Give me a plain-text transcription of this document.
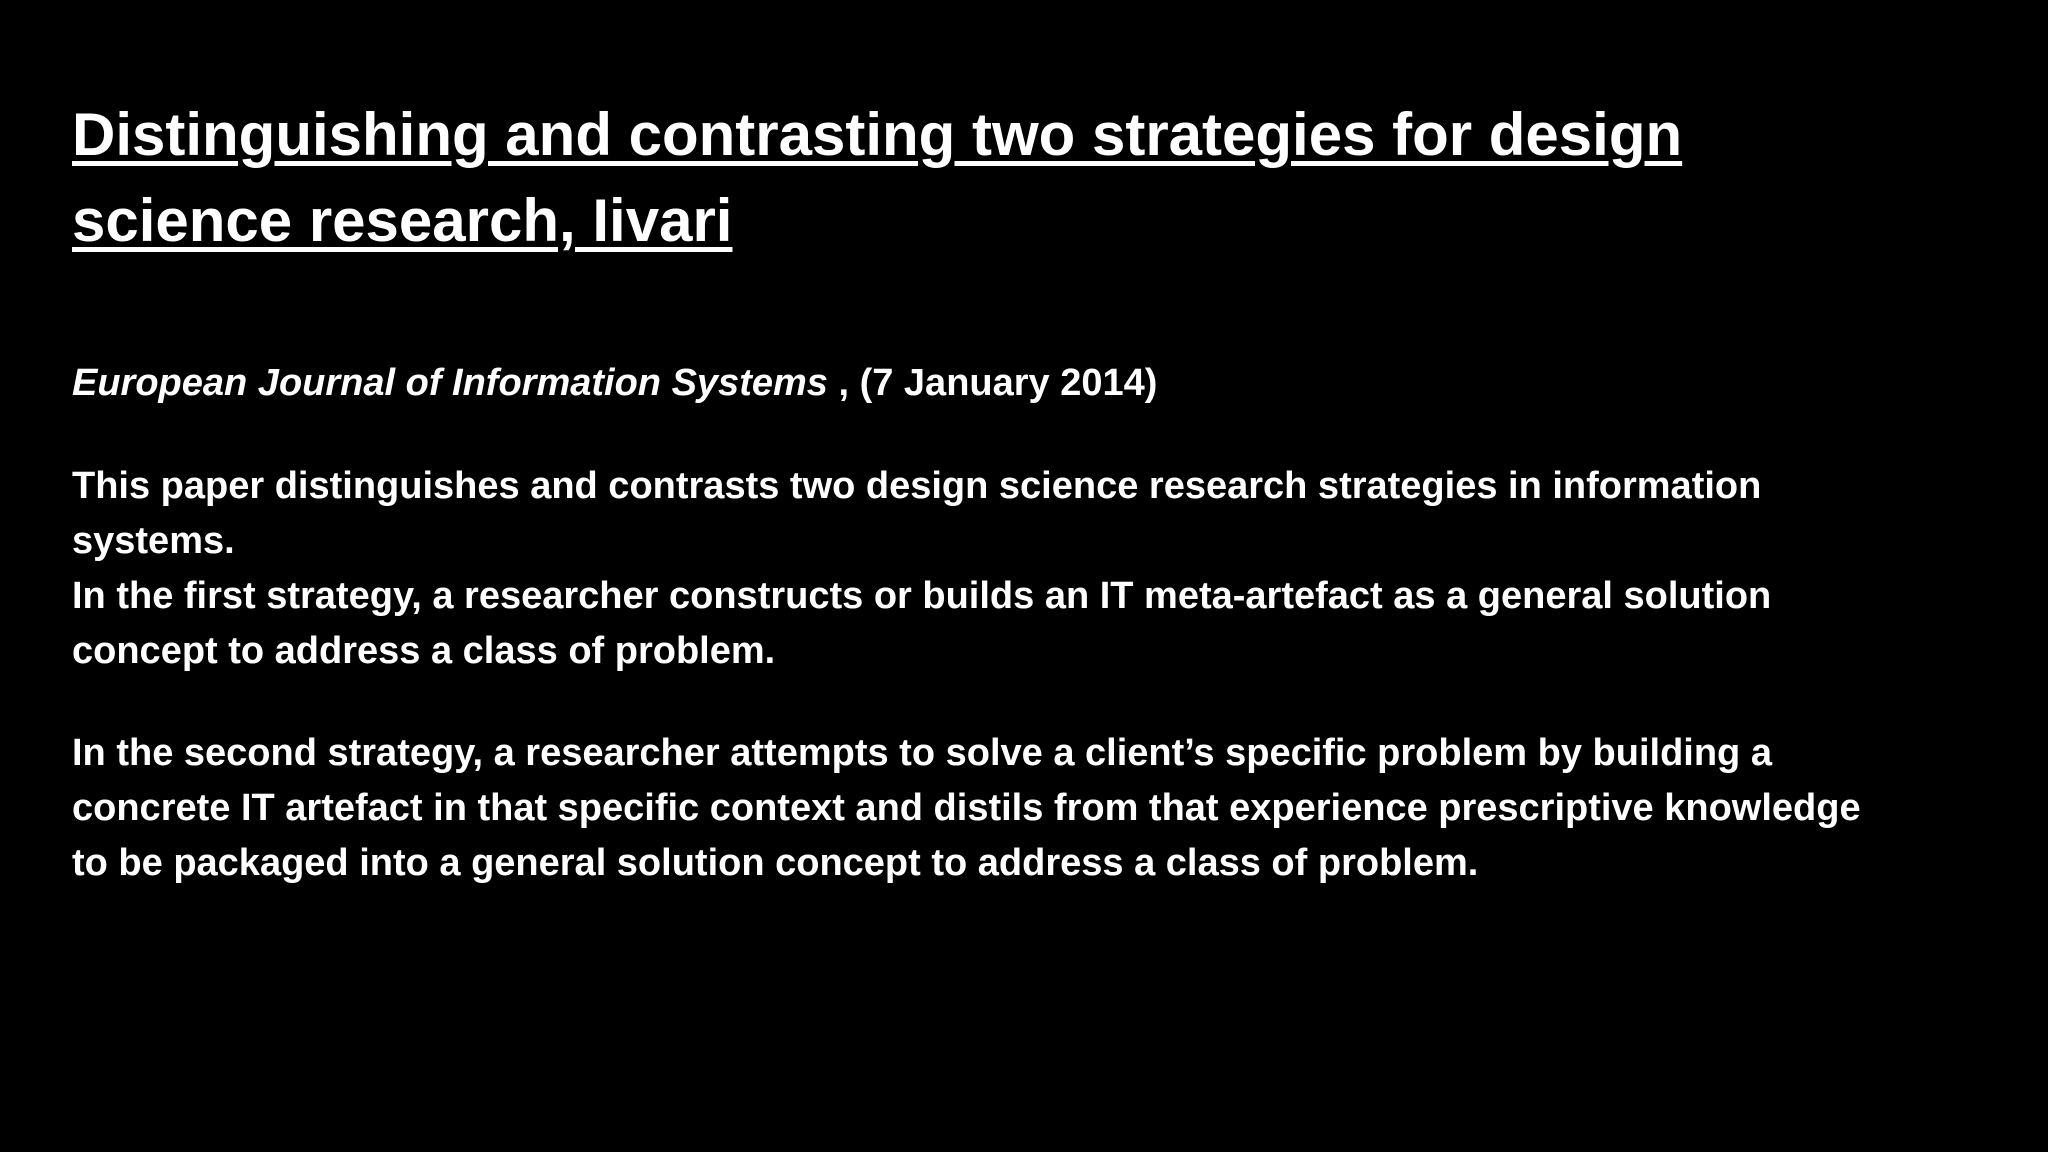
Distinguishing and contrasting two strategies for design
science research, Iivari
European Journal of Information Systems , (7 January 2014)
This paper distinguishes and contrasts two design science research strategies in information
systems.
In the first strategy, a researcher constructs or builds an IT meta-artefact as a general solution
concept to address a class of problem.
In the second strategy, a researcher attempts to solve a client’s specific problem by building a
concrete IT artefact in that specific context and distils from that experience prescriptive knowledge
to be packaged into a general solution concept to address a class of problem.
